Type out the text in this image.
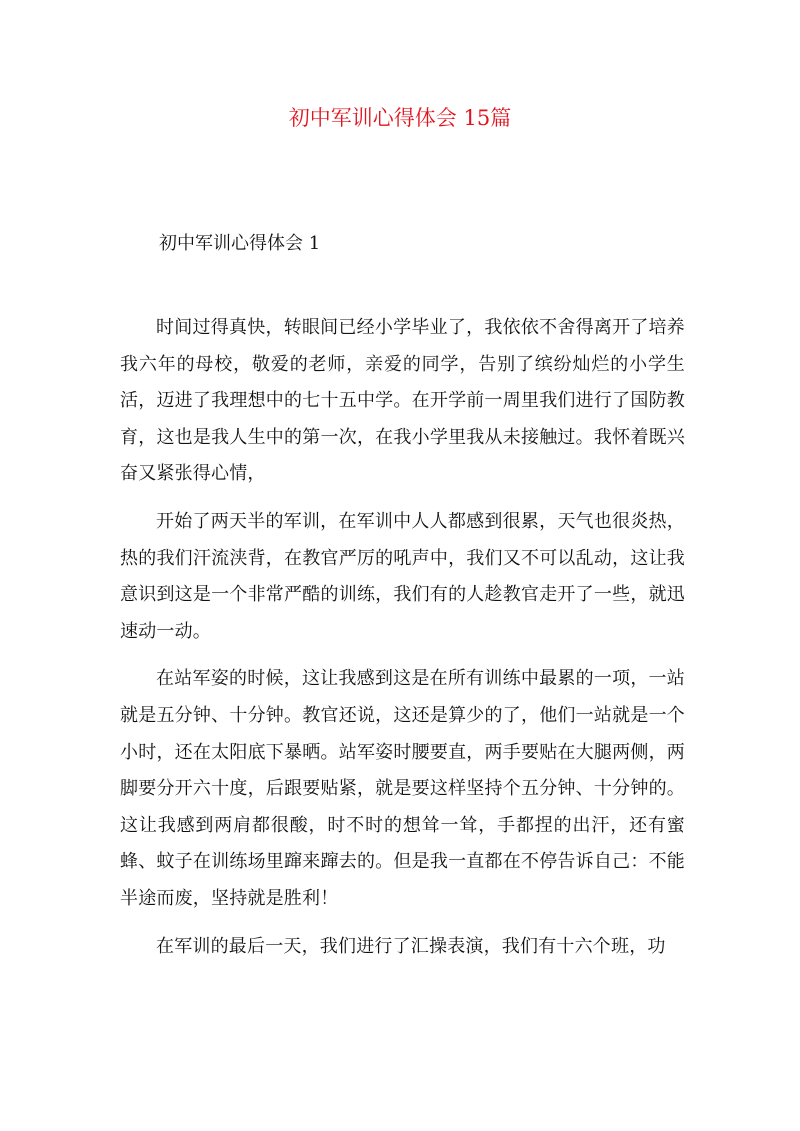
初中军训心得体会 15篇
初中军训心得体会 1

时间过得真快，转眼间已经小学毕业了，我依依不舍得离开了培养我六年的母校，敬爱的老师，亲爱的同学，告别了缤纷灿烂的小学生活，迈进了我理想中的七十五中学。在开学前一周里我们进行了国防教育，这也是我人生中的第一次，在我小学里我从未接触过。我怀着既兴奋又紧张得心情，

开始了两天半的军训，在军训中人人都感到很累，天气也很炎热，热的我们汗流浃背，在教官严厉的吼声中，我们又不可以乱动，这让我意识到这是一个非常严酷的训练，我们有的人趁教官走开了一些，就迅速动一动。

在站军姿的时候，这让我感到这是在所有训练中最累的一项，一站就是五分钟、十分钟。教官还说，这还是算少的了，他们一站就是一个小时，还在太阳底下暴晒。站军姿时腰要直，两手要贴在大腿两侧，两脚要分开六十度，后跟要贴紧，就是要这样坚持个五分钟、十分钟的。这让我感到两肩都很酸，时不时的想耸一耸，手都捏的出汗，还有蜜蜂、蚊子在训练场里蹿来蹿去的。但是我一直都在不停告诉自己：不能半途而废，坚持就是胜利！

在军训的最后一天，我们进行了汇操表演，我们有十六个班，功
